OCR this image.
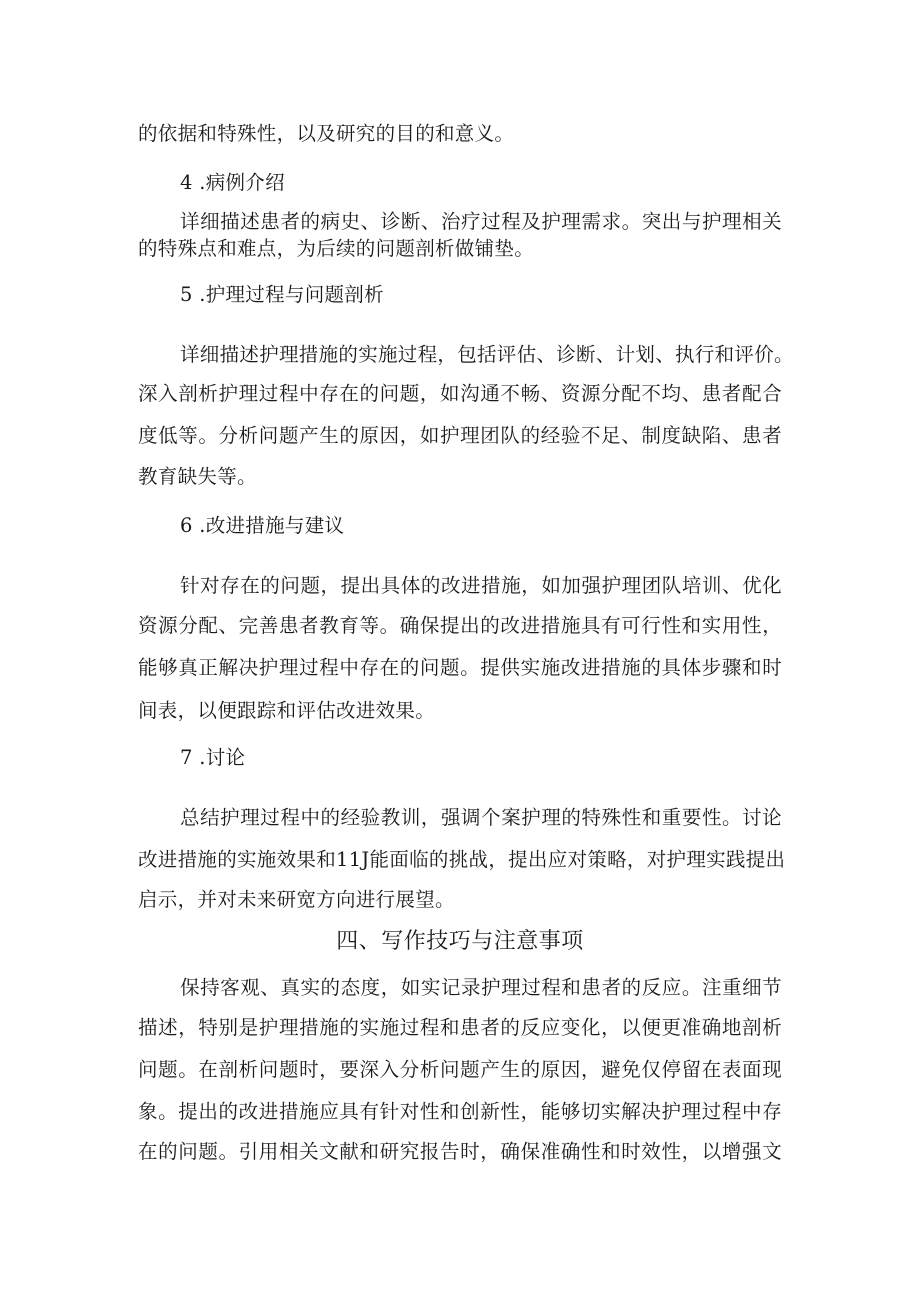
的依据和特殊性，以及研究的目的和意义。
4 .病例介绍
详细描述患者的病史、诊断、治疗过程及护理需求。突出与护理相关
的特殊点和难点，为后续的问题剖析做铺垫。
5 .护理过程与问题剖析
详细描述护理措施的实施过程，包括评估、诊断、计划、执行和评价。
深入剖析护理过程中存在的问题，如沟通不畅、资源分配不均、患者配合
度低等。分析问题产生的原因，如护理团队的经验不足、制度缺陷、患者
教育缺失等。
6 .改进措施与建议
针对存在的问题，提出具体的改进措施，如加强护理团队培训、优化
资源分配、完善患者教育等。确保提出的改进措施具有可行性和实用性，
能够真正解决护理过程中存在的问题。提供实施改进措施的具体步骤和时
间表，以便跟踪和评估改进效果。
7 .讨论
总结护理过程中的经验教训，强调个案护理的特殊性和重要性。讨论
改进措施的实施效果和11J能面临的挑战，提出应对策略，对护理实践提出
启示，并对未来研宽方向进行展望。
四、写作技巧与注意事项
保持客观、真实的态度，如实记录护理过程和患者的反应。注重细节
描述，特别是护理措施的实施过程和患者的反应变化，以便更准确地剖析
问题。在剖析问题时，要深入分析问题产生的原因，避免仅停留在表面现
象。提出的改进措施应具有针对性和创新性，能够切实解决护理过程中存
在的问题。引用相关文献和研究报告时，确保准确性和时效性，以增强文
